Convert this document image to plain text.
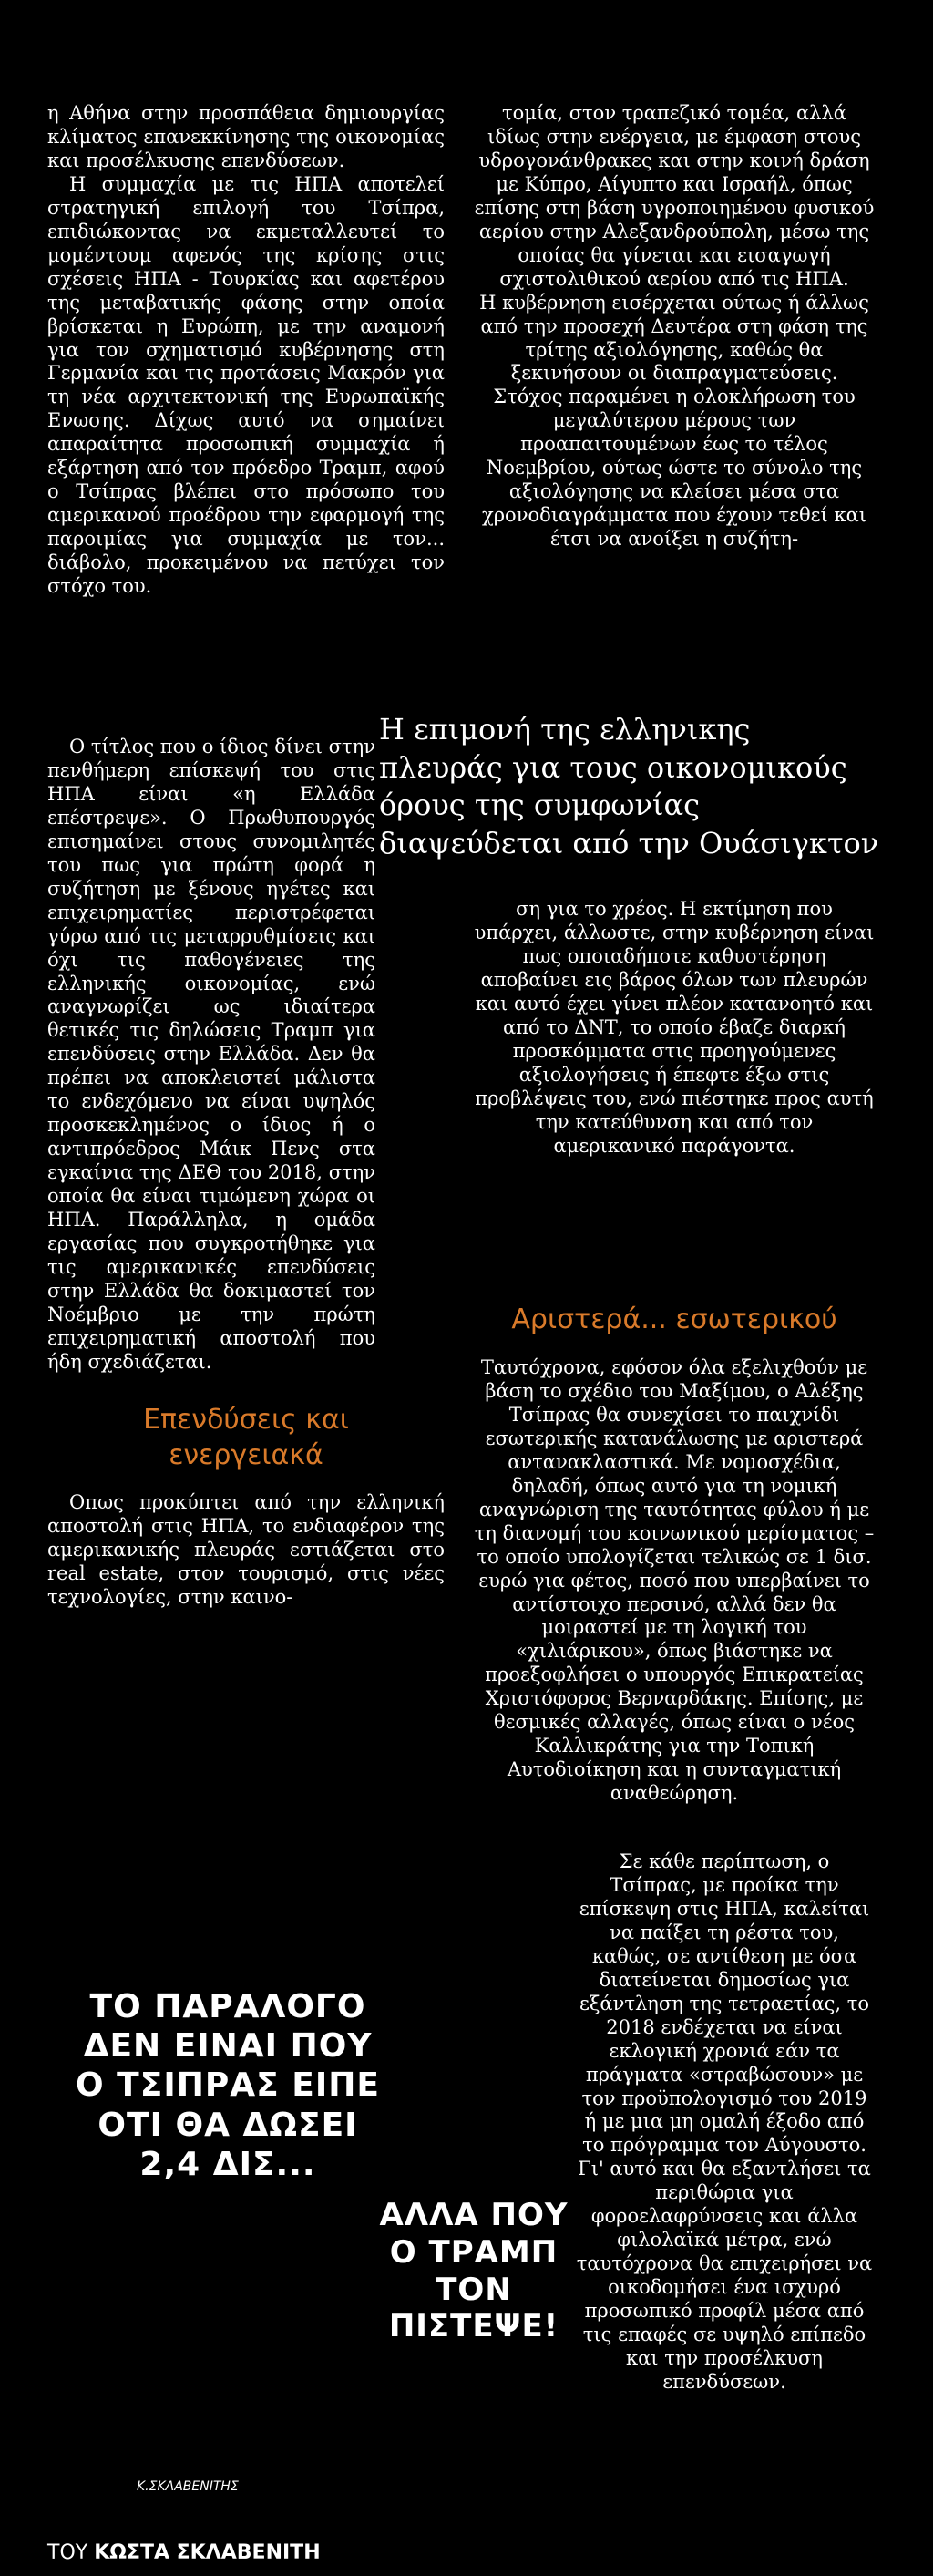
η Αθήνα στην προσπάθεια δημιουργίας κλίματος επανεκκίνησης της οικονομίας και προσέλκυσης επενδύσεων.

Η συμμαχία με τις ΗΠΑ αποτελεί στρατηγική επιλογή του Τσίπρα, επιδιώκοντας να εκμεταλλευτεί το μομέντουμ αφενός της κρίσης στις σχέσεις ΗΠΑ - Τουρκίας και αφετέρου της μεταβατικής φάσης στην οποία βρίσκεται η Ευρώπη, με την αναμονή για τον σχηματισμό κυβέρνησης στη Γερμανία και τις προτάσεις Μακρόν για τη νέα αρχιτεκτονική της Ευρωπαϊκής Ενωσης. Δίχως αυτό να σημαίνει απαραίτητα προσωπική συμμαχία ή εξάρτηση από τον πρόεδρο Τραμπ, αφού ο Τσίπρας βλέπει στο πρόσωπο του αμερικανού προέδρου την εφαρμογή της παροιμίας για συμμαχία με τον... διάβολο, προκειμένου να πετύχει τον στόχο του.

Ο τίτλος που ο ίδιος δίνει στην πενθήμερη επίσκεψή του στις ΗΠΑ είναι «η Ελλάδα επέστρεψε». Ο Πρωθυπουργός επισημαίνει στους συνομιλητές του πως για πρώτη φορά η συζήτηση με ξένους ηγέτες και επιχειρηματίες περιστρέφεται γύρω από τις μεταρρυθμίσεις και όχι τις παθογένειες της ελληνικής οικονομίας, ενώ αναγνωρίζει ως ιδιαίτερα θετικές τις δηλώσεις Τραμπ για επενδύσεις στην Ελλάδα. Δεν θα πρέπει να αποκλειστεί μάλιστα το ενδεχόμενο να είναι υψηλός προσκεκλημένος ο ίδιος ή ο αντιπρόεδρος Μάικ Πενς στα εγκαίνια της ΔΕΘ του 2018, στην οποία θα είναι τιμώμενη χώρα οι ΗΠΑ. Παράλληλα, η ομάδα εργασίας που συγκροτήθηκε για τις αμερικανικές επενδύσεις στην Ελλάδα θα δοκιμαστεί τον Νοέμβριο με την πρώτη επιχειρηματική αποστολή που ήδη σχεδιάζεται.

Επενδύσεις και ενεργειακά

Οπως προκύπτει από την ελληνική αποστολή στις ΗΠΑ, το ενδιαφέρον της αμερικανικής πλευράς εστιάζεται στο real estate, στον τουρισμό, στις νέες τεχνολογίες, στην καινο-

τομία, στον τραπεζικό τομέα, αλλά ιδίως στην ενέργεια, με έμφαση στους υδρογονάνθρακες και στην κοινή δράση με Κύπρο, Αίγυπτο και Ισραήλ, όπως επίσης στη βάση υγροποιημένου φυσικού αερίου στην Αλεξανδρούπολη, μέσω της οποίας θα γίνεται και εισαγωγή σχιστολιθικού αερίου από τις ΗΠΑ.

Η κυβέρνηση εισέρχεται ούτως ή άλλως από την προσεχή Δευτέρα στη φάση της τρίτης αξιολόγησης, καθώς θα ξεκινήσουν οι διαπραγματεύσεις. Στόχος παραμένει η ολοκλήρωση του μεγαλύτερου μέρους των προαπαιτουμένων έως το τέλος Νοεμβρίου, ούτως ώστε το σύνολο της αξιολόγησης να κλείσει μέσα στα χρονοδιαγράμματα που έχουν τεθεί και έτσι να ανοίξει η συζήτη-

Η επιμονή της ελληνικης πλευράς για τους οικονομικούς όρους της συμφωνίας διαψεύδεται από την Ουάσιγκτον

ση για το χρέος. Η εκτίμηση που υπάρχει, άλλωστε, στην κυβέρνηση είναι πως οποιαδήποτε καθυστέρηση αποβαίνει εις βάρος όλων των πλευρών και αυτό έχει γίνει πλέον κατανοητό και από το ΔΝΤ, το οποίο έβαζε διαρκή προσκόμματα στις προηγούμενες αξιολογήσεις ή έπεφτε έξω στις προβλέψεις του, ενώ πιέστηκε προς αυτή την κατεύθυνση και από τον αμερικανικό παράγοντα.

Αριστερά... εσωτερικού

Ταυτόχρονα, εφόσον όλα εξελιχθούν με βάση το σχέδιο του Μαξίμου, ο Αλέξης Τσίπρας θα συνεχίσει το παιχνίδι εσωτερικής κατανάλωσης με αριστερά αντανακλαστικά. Με νομοσχέδια, δηλαδή, όπως αυτό για τη νομική αναγνώριση της ταυτότητας φύλου ή με τη διανομή του κοινωνικού μερίσματος – το οποίο υπολογίζεται τελικώς σε 1 δισ. ευρώ για φέτος, ποσό που υπερβαίνει το αντίστοιχο περσινό, αλλά δεν θα μοιραστεί με τη λογική του «χιλιάρικου», όπως βιάστηκε να προεξοφλήσει ο υπουργός Επικρατείας Χριστόφορος Βερναρδάκης. Επίσης, με θεσμικές αλλαγές, όπως είναι ο νέος Καλλικράτης για την Τοπική Αυτοδιοίκηση και η συνταγματική αναθεώρηση.

Σε κάθε περίπτωση, ο Τσίπρας, με προίκα την επίσκεψη στις ΗΠΑ, καλείται να παίξει τη ρέστα του, καθώς, σε αντίθεση με όσα διατείνεται δημοσίως για εξάντληση της τετραετίας, το 2018 ενδέχεται να είναι εκλογική χρονιά εάν τα πράγματα «στραβώσουν» με τον προϋπολογισμό του 2019 ή με μια μη ομαλή έξοδο από το πρόγραμμα τον Αύγουστο. Γι' αυτό και θα εξαντλήσει τα περιθώρια για φοροελαφρύνσεις και άλλα φιλολαϊκά μέτρα, ενώ ταυτόχρονα θα επιχειρήσει να οικοδομήσει ένα ισχυρό προσωπικό προφίλ μέσα από τις επαφές σε υψηλό επίπεδο και την προσέλκυση επενδύσεων.

ΤΟ ΠΑΡΑΛΟΓΟ
ΔΕΝ ΕΙΝΑΙ ΠΟΥ
Ο ΤΣΙΠΡΑΣ ΕΙΠΕ
ΟΤΙ ΘΑ ΔΩΣΕΙ
2,4 ΔΙΣ...
ΑΛΛΑ ΠΟΥ
Ο ΤΡΑΜΠ
ΤΟΝ ΠΙΣΤΕΨΕ!
Κ.ΣΚΛΑΒΕΝΙΤΗΣ
ΤΟΥ ΚΩΣΤΑ ΣΚΛΑΒΕΝΙΤΗ
